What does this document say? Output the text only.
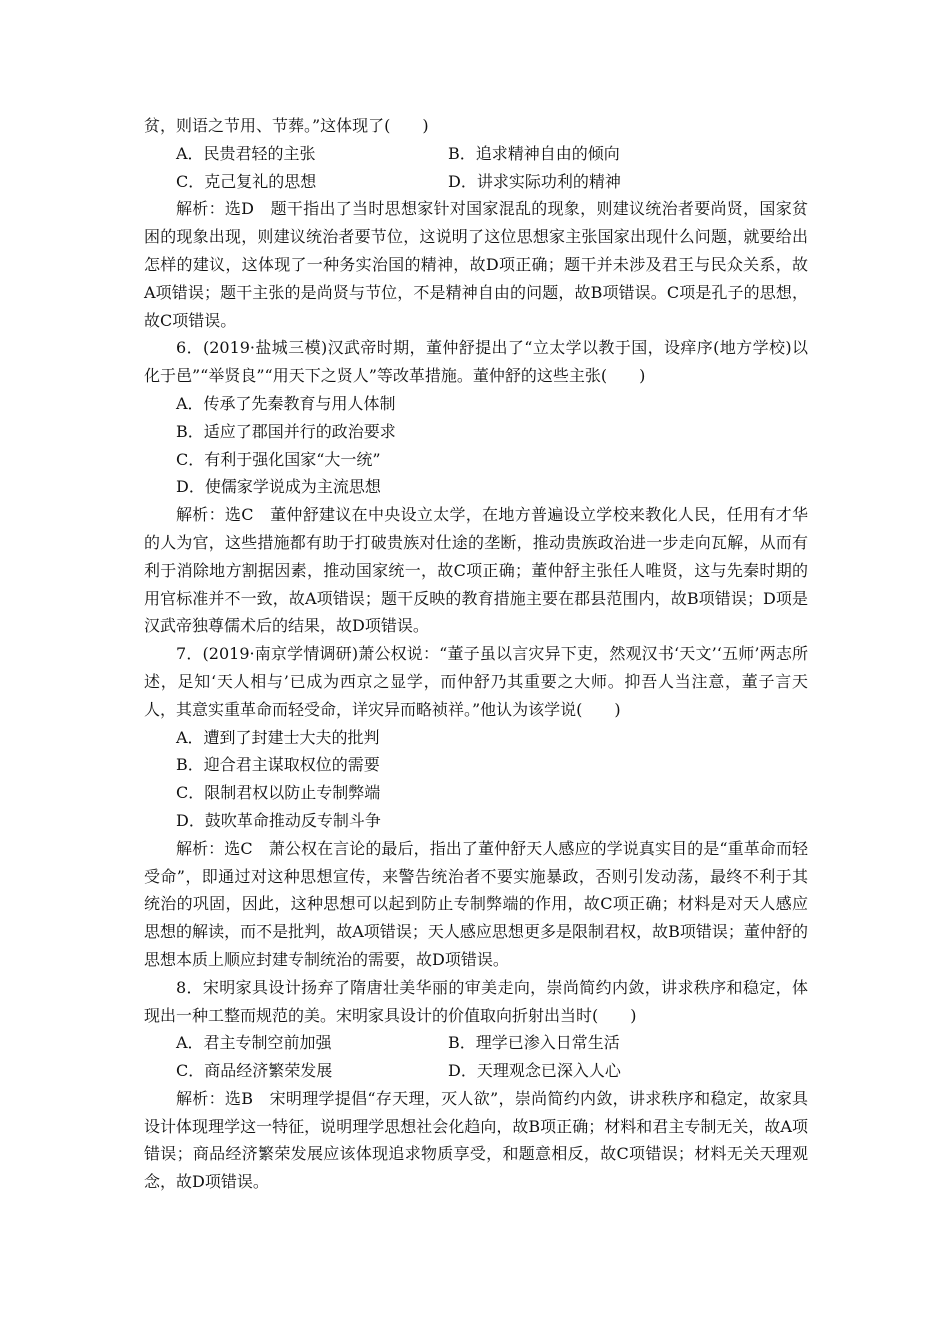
贫，则语之节用、节葬。”这体现了(　　)

A．民贵君轻的主张	B．追求精神自由的倾向
C．克己复礼的思想	D．讲求实际功利的精神

解析：选D　题干指出了当时思想家针对国家混乱的现象，则建议统治者要尚贤，国家贫困的现象出现，则建议统治者要节位，这说明了这位思想家主张国家出现什么问题，就要给出怎样的建议，这体现了一种务实治国的精神，故D项正确；题干并未涉及君王与民众关系，故A项错误；题干主张的是尚贤与节位，不是精神自由的问题，故B项错误。C项是孔子的思想，故C项错误。

6．(2019·盐城三模)汉武帝时期，董仲舒提出了“立太学以教于国，设痒序(地方学校)以化于邑”“举贤良”“用天下之贤人”等改革措施。董仲舒的这些主张(　　)

A．传承了先秦教育与用人体制

B．适应了郡国并行的政治要求

C．有利于强化国家“大一统”

D．使儒家学说成为主流思想

解析：选C　董仲舒建议在中央设立太学，在地方普遍设立学校来教化人民，任用有才华的人为官，这些措施都有助于打破贵族对仕途的垄断，推动贵族政治进一步走向瓦解，从而有利于消除地方割据因素，推动国家统一，故C项正确；董仲舒主张任人唯贤，这与先秦时期的用官标准并不一致，故A项错误；题干反映的教育措施主要在郡县范围内，故B项错误；D项是汉武帝独尊儒术后的结果，故D项错误。

7．(2019·南京学情调研)萧公权说：“董子虽以言灾异下吏，然观汉书‘天文’‘五师’两志所述，足知‘天人相与’已成为西京之显学，而仲舒乃其重要之大师。抑吾人当注意，董子言天人，其意实重革命而轻受命，详灾异而略祯祥。”他认为该学说(　　)

A．遭到了封建士大夫的批判

B．迎合君主谋取权位的需要

C．限制君权以防止专制弊端

D．鼓吹革命推动反专制斗争

解析：选C　萧公权在言论的最后，指出了董仲舒天人感应的学说真实目的是“重革命而轻受命”，即通过对这种思想宣传，来警告统治者不要实施暴政，否则引发动荡，最终不利于其统治的巩固，因此，这种思想可以起到防止专制弊端的作用，故C项正确；材料是对天人感应思想的解读，而不是批判，故A项错误；天人感应思想更多是限制君权，故B项错误；董仲舒的思想本质上顺应封建专制统治的需要，故D项错误。

8．宋明家具设计扬弃了隋唐壮美华丽的审美走向，崇尚简约内敛，讲求秩序和稳定，体现出一种工整而规范的美。宋明家具设计的价值取向折射出当时(　　)

A．君主专制空前加强	B．理学已渗入日常生活
C．商品经济繁荣发展	D．天理观念已深入人心

解析：选B　宋明理学提倡“存天理，灭人欲”，崇尚简约内敛，讲求秩序和稳定，故家具设计体现理学这一特征，说明理学思想社会化趋向，故B项正确；材料和君主专制无关，故A项错误；商品经济繁荣发展应该体现追求物质享受，和题意相反，故C项错误；材料无关天理观念，故D项错误。
